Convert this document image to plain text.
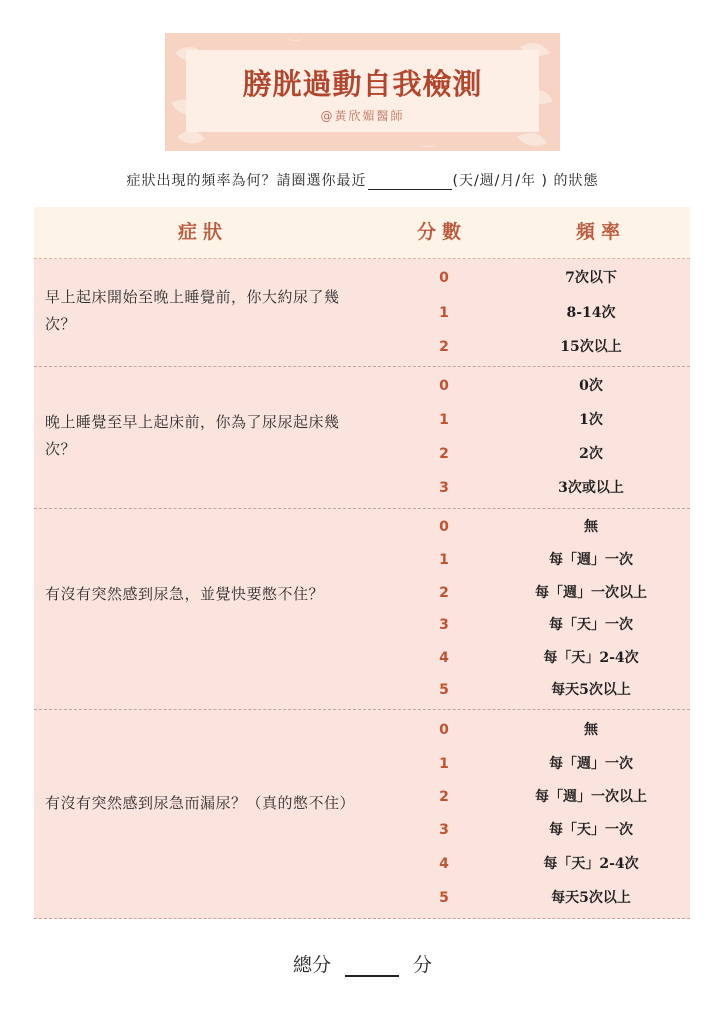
膀胱過動自我檢測
@黃欣媚醫師
症狀出現的頻率為何？請圈選你最近	(天/週/月/年 ) 的狀態
症狀	分數	頻率
早上起床開始至晚上睡覺前，你大約尿了幾次？
0	7次以下
1	8-14次
2	15次以上
晚上睡覺至早上起床前，你為了尿尿起床幾次？
0	0次
1	1次
2	2次
3	3次或以上
有沒有突然感到尿急，並覺快要憋不住？
0	無
1	每「週」一次
2	每「週」一次以上
3	每「天」一次
4	每「天」2-4次
5	每天5次以上
有沒有突然感到尿急而漏尿？（真的憋不住）
0	無
1	每「週」一次
2	每「週」一次以上
3	每「天」一次
4	每「天」2-4次
5	每天5次以上
總分	分
